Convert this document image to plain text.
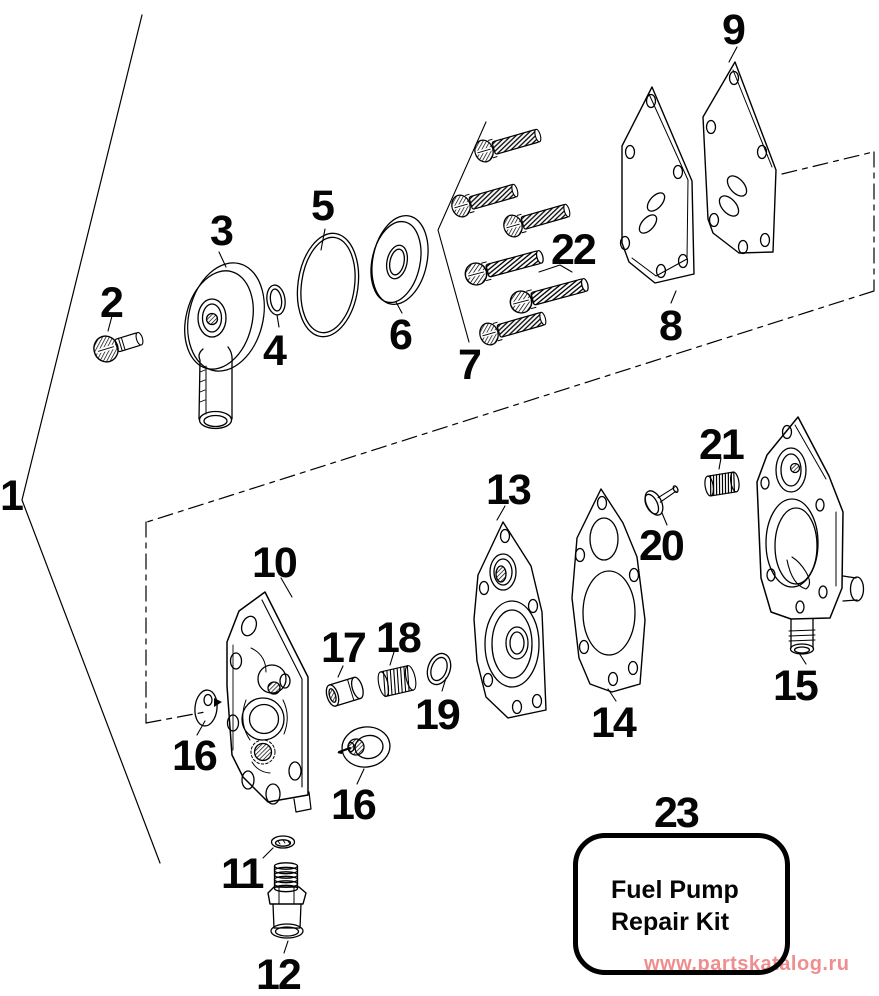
1
2
3
4
5
6
7
8
9
10
11
12
13
14
15
16
16
17 18
19
20
21
22
23
Fuel Pump
Repair Kit
www.partskatalog.ru
